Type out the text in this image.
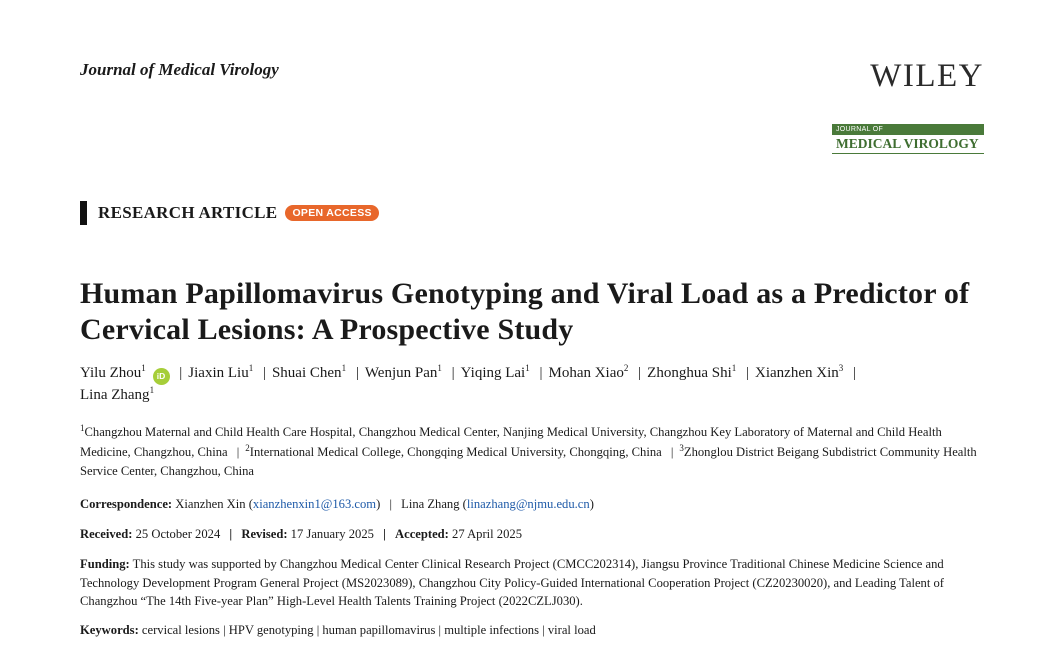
Journal of Medical Virology	WILEY
JOURNAL OF
MEDICAL VIROLOGY
RESEARCH ARTICLE	OPEN ACCESS
Human Papillomavirus Genotyping and Viral Load as a Predictor of Cervical Lesions: A Prospective Study
Yilu Zhou$^1$ iD | Jiaxin Liu$^1$ | Shuai Chen$^1$ | Wenjun Pan$^1$ | Yiqing Lai$^1$ | Mohan Xiao$^2$ | Zhonghua Shi$^1$ | Xianzhen Xin$^3$ |
Lina Zhang$^1$
$^1$Changzhou Maternal and Child Health Care Hospital, Changzhou Medical Center, Nanjing Medical University, Changzhou Key Laboratory of Maternal and Child Health Medicine, Changzhou, China | $^2$International Medical College, Chongqing Medical University, Chongqing, China | $^3$Zhonglou District Beigang Subdistrict Community Health Service Center, Changzhou, China
Correspondence: Xianzhen Xin (xianzhenxin1@163.com) | Lina Zhang (linazhang@njmu.edu.cn)
Received: 25 October 2024 | Revised: 17 January 2025 | Accepted: 27 April 2025
Funding: This study was supported by Changzhou Medical Center Clinical Research Project (CMCC202314), Jiangsu Province Traditional Chinese Medicine Science and Technology Development Program General Project (MS2023089), Changzhou City Policy-Guided International Cooperation Project (CZ20230020), and Leading Talent of Changzhou “The 14th Five-year Plan” High-Level Health Talents Training Project (2022CZLJ030).
Keywords: cervical lesions | HPV genotyping | human papillomavirus | multiple infections | viral load
